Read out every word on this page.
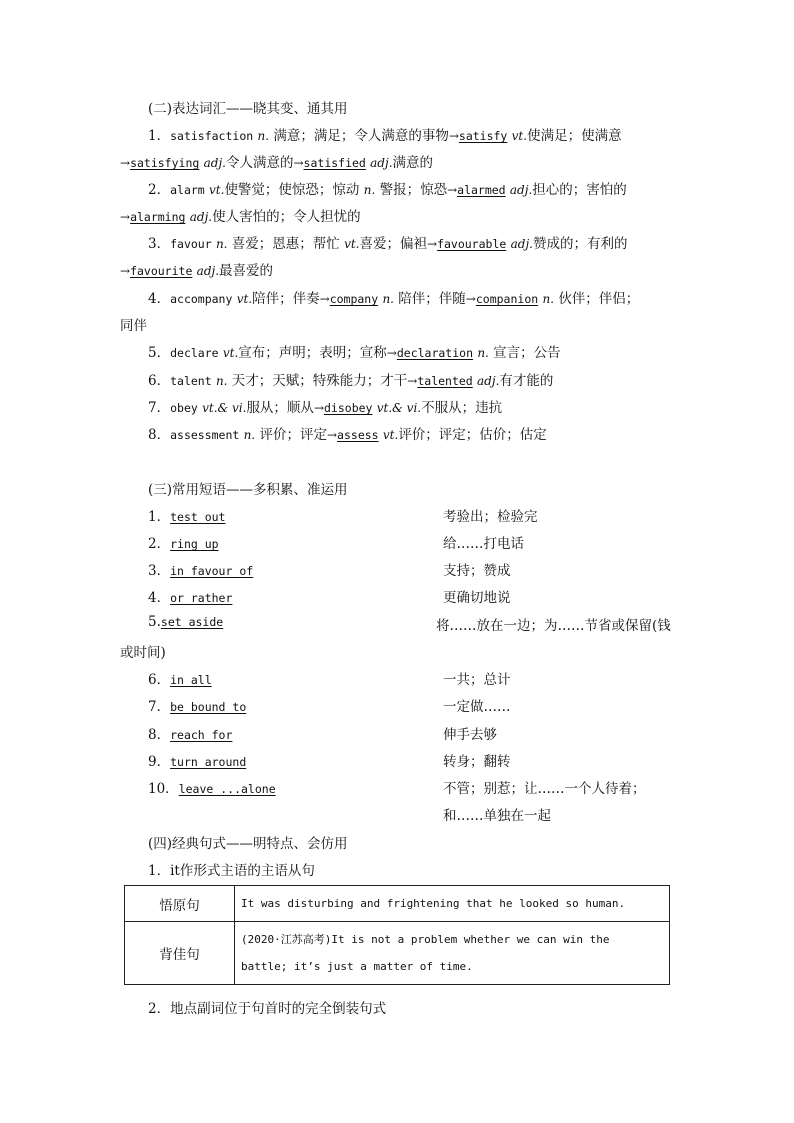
(二)表达词汇——晓其变、通其用
1．satisfaction n. 满意；满足；令人满意的事物→satisfy vt.使满足；使满意
→satisfying adj.令人满意的→satisfied adj.满意的
2．alarm vt.使警觉；使惊恐；惊动 n. 警报；惊恐→alarmed adj.担心的；害怕的
→alarming adj.使人害怕的；令人担忧的
3．favour n. 喜爱；恩惠；帮忙 vt.喜爱；偏袒→favourable adj.赞成的；有利的
→favourite adj.最喜爱的
4．accompany vt.陪伴；伴奏→company n. 陪伴；伴随→companion n. 伙伴；伴侣；
同伴
5．declare vt.宣布；声明；表明；宣称→declaration n. 宣言；公告
6．talent n. 天才；天赋；特殊能力；才干→talented adj.有才能的
7．obey vt.& vi.服从；顺从→disobey vt.& vi.不服从；违抗
8．assessment n. 评价；评定→assess vt.评价；评定；估价；估定
(三)常用短语——多积累、准运用
1．test out	考验出；检验完
2．ring up	给……打电话
3．in favour of	支持；赞成
4．or rather	更确切地说
5.set aside	将……放在一边；为……节省或保留(钱
或时间)
6．in all	一共；总计
7．be bound to	一定做……
8．reach for	伸手去够
9．turn around	转身；翻转
10．leave ...alone	不管；别惹；让……一个人待着；
和……单独在一起
(四)经典句式——明特点、会仿用
1．it作形式主语的主语从句
悟原句	It was disturbing and frightening that he looked so human.
背佳句	(2020·江苏高考)It is not a problem whether we can win the
battle; it’s just a matter of time.
2．地点副词位于句首时的完全倒装句式
